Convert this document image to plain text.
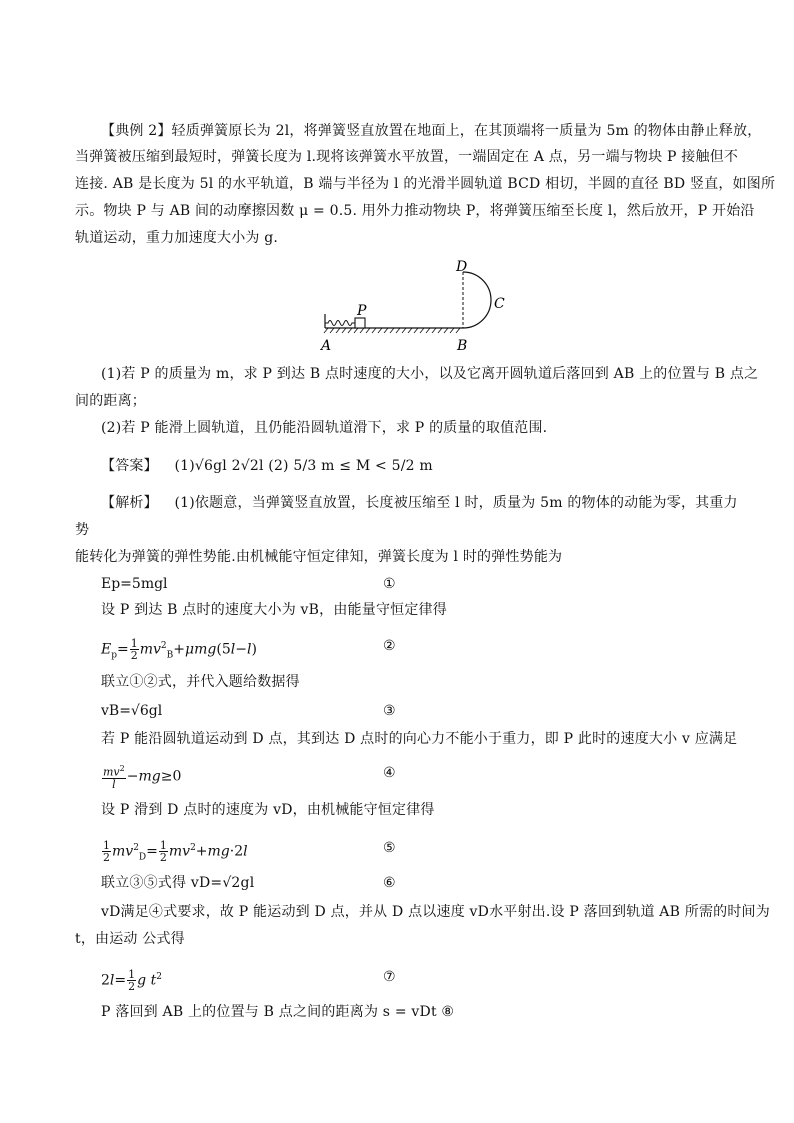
【典例 2】轻质弹簧原长为 2l，将弹簧竖直放置在地面上，在其顶端将一质量为 5m 的物体由静止释放，
当弹簧被压缩到最短时，弹簧长度为 l.现将该弹簧水平放置，一端固定在 A 点，另一端与物块 P 接触但不
连接. AB 是长度为 5l 的水平轨道，B 端与半径为 l 的光滑半圆轨道 BCD 相切，半圆的直径 BD 竖直，如图所
示。物块 P 与 AB 间的动摩擦因数 μ = 0.5. 用外力推动物块 P，将弹簧压缩至长度 l，然后放开，P 开始沿
轨道运动，重力加速度大小为 g.
A	B
C
D
P
(1)若 P 的质量为 m，求 P 到达 B 点时速度的大小，以及它离开圆轨道后落回到 AB 上的位置与 B 点之
间的距离；
(2)若 P 能滑上圆轨道，且仍能沿圆轨道滑下，求 P 的质量的取值范围.
【答案】 (1)√6gl 2√2l (2) 5/3 m ≤ M < 5/2 m
【解析】 (1)依题意，当弹簧竖直放置，长度被压缩至 l 时，质量为 5m 的物体的动能为零，其重力
势
能转化为弹簧的弹性势能.由机械能守恒定律知，弹簧长度为 l 时的弹性势能为
Ep=5mgl	①
设 P 到达 B 点时的速度大小为 vB，由能量守恒定律得
$E_p= \frac{1}{2} mv^2_B+\mu mg(5l-l)$	②
联立①②式，并代入题给数据得
vB=√6gl	③
若 P 能沿圆轨道运动到 D 点，其到达 D 点时的向心力不能小于重力，即 P 此时的速度大小 v 应满足
$\frac{mv^2}{l} -mg\ge 0$	④
设 P 滑到 D 点时的速度为 vD，由机械能守恒定律得
$\frac{1}{2} mv^2_D= \frac{1}{2} mv^2+mg\cdot 2l$	⑤
联立③⑤式得 vD=√2gl	⑥
vD满足④式要求，故 P 能运动到 D 点，并从 D 点以速度 vD水平射出.设 P 落回到轨道 AB 所需的时间为
t，由运动 公式得
$2l= \frac{1}{2}$ g $t^2$	⑦
P 落回到 AB 上的位置与 B 点之间的距离为 s = vDt ⑧
